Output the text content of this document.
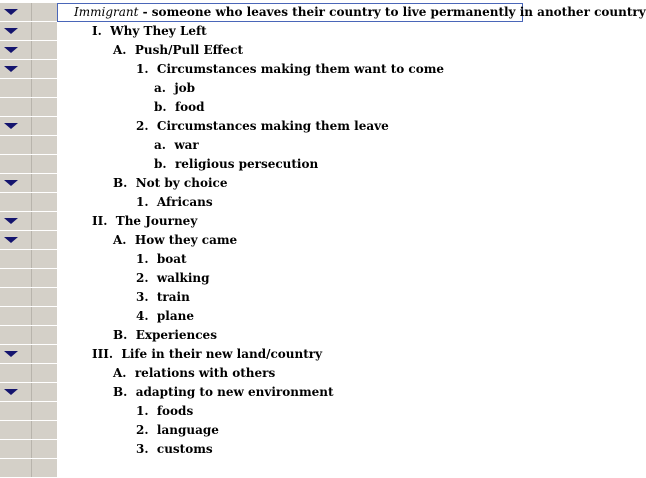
Immigrant - someone who leaves their country to live permanently in another country
I. Why They Left
A. Push/Pull Effect
1. Circumstances making them want to come
a. job
b. food
2. Circumstances making them leave
a. war
b. religious persecution
B. Not by choice
1. Africans
II. The Journey
A. How they came
1. boat
2. walking
3. train
4. plane
B. Experiences
III. Life in their new land/country
A. relations with others
B. adapting to new environment
1. foods
2. language
3. customs
